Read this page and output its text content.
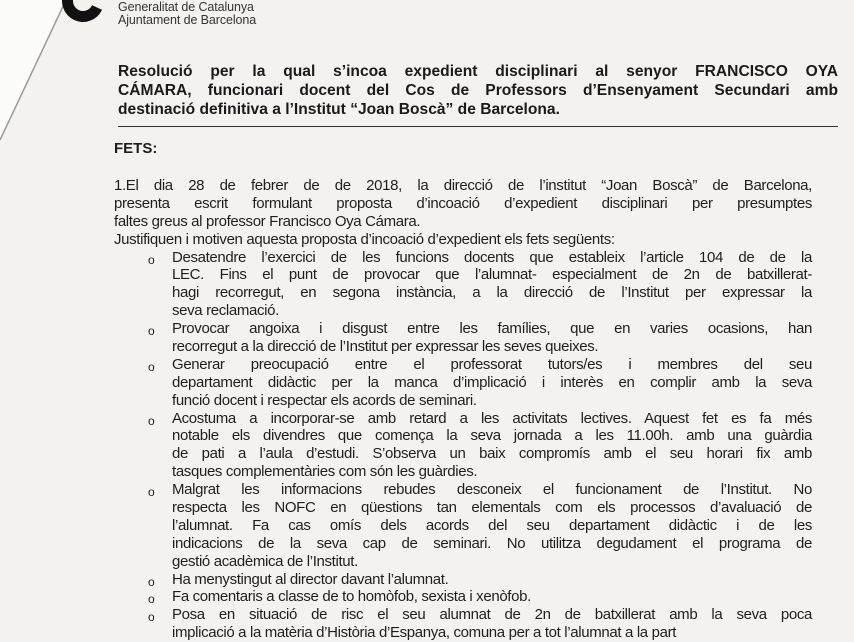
Generalitat de Catalunya
Ajuntament de Barcelona
Resolució per la qual s’incoa expedient disciplinari al senyor FRANCISCO OYA
CÁMARA, funcionari docent del Cos de Professors d’Ensenyament Secundari amb
destinació definitiva a l’Institut “Joan Boscà” de Barcelona.
FETS:
1.El dia 28 de febrer de de 2018, la direcció de l’institut “Joan Boscà” de Barcelona,
presenta escrit formulant proposta d’incoació d’expedient disciplinari per presumptes
faltes greus al professor Francisco Oya Cámara.
Justifiquen i motiven aquesta proposta d’incoació d’expedient els fets següents:
o Desatendre l’exercici de les funcions docents que estableix l’article 104 de de la
LEC. Fins el punt de provocar que l’alumnat- especialment de 2n de batxillerat-
hagi recorregut, en segona instància, a la direcció de l’Institut per expressar la
seva reclamació.
o Provocar angoixa i disgust entre les famílies, que en varies ocasions, han
recorregut a la direcció de l’Institut per expressar les seves queixes.
o Generar preocupació entre el professorat tutors/es i membres del seu
departament didàctic per la manca d’implicació i interès en complir amb la seva
funció docent i respectar els acords de seminari.
o Acostuma a incorporar-se amb retard a les activitats lectives. Aquest fet es fa més
notable els divendres que comença la seva jornada a les 11.00h. amb una guàrdia
de pati a l’aula d’estudi. S’observa un baix compromís amb el seu horari fix amb
tasques complementàries com són les guàrdies.
o Malgrat les informacions rebudes desconeix el funcionament de l’Institut. No
respecta les NOFC en qüestions tan elementals com els processos d’avaluació de
l’alumnat. Fa cas omís dels acords del seu departament didàctic i de les
indicacions de la seva cap de seminari. No utilitza degudament el programa de
gestió acadèmica de l’Institut.
o Ha menystingut al director davant l’alumnat.
o Fa comentaris a classe de to homòfob, sexista i xenòfob.
o Posa en situació de risc el seu alumnat de 2n de batxillerat amb la seva poca
implicació a la matèria d’Història d’Espanya, comuna per a tot l’alumnat a la part
